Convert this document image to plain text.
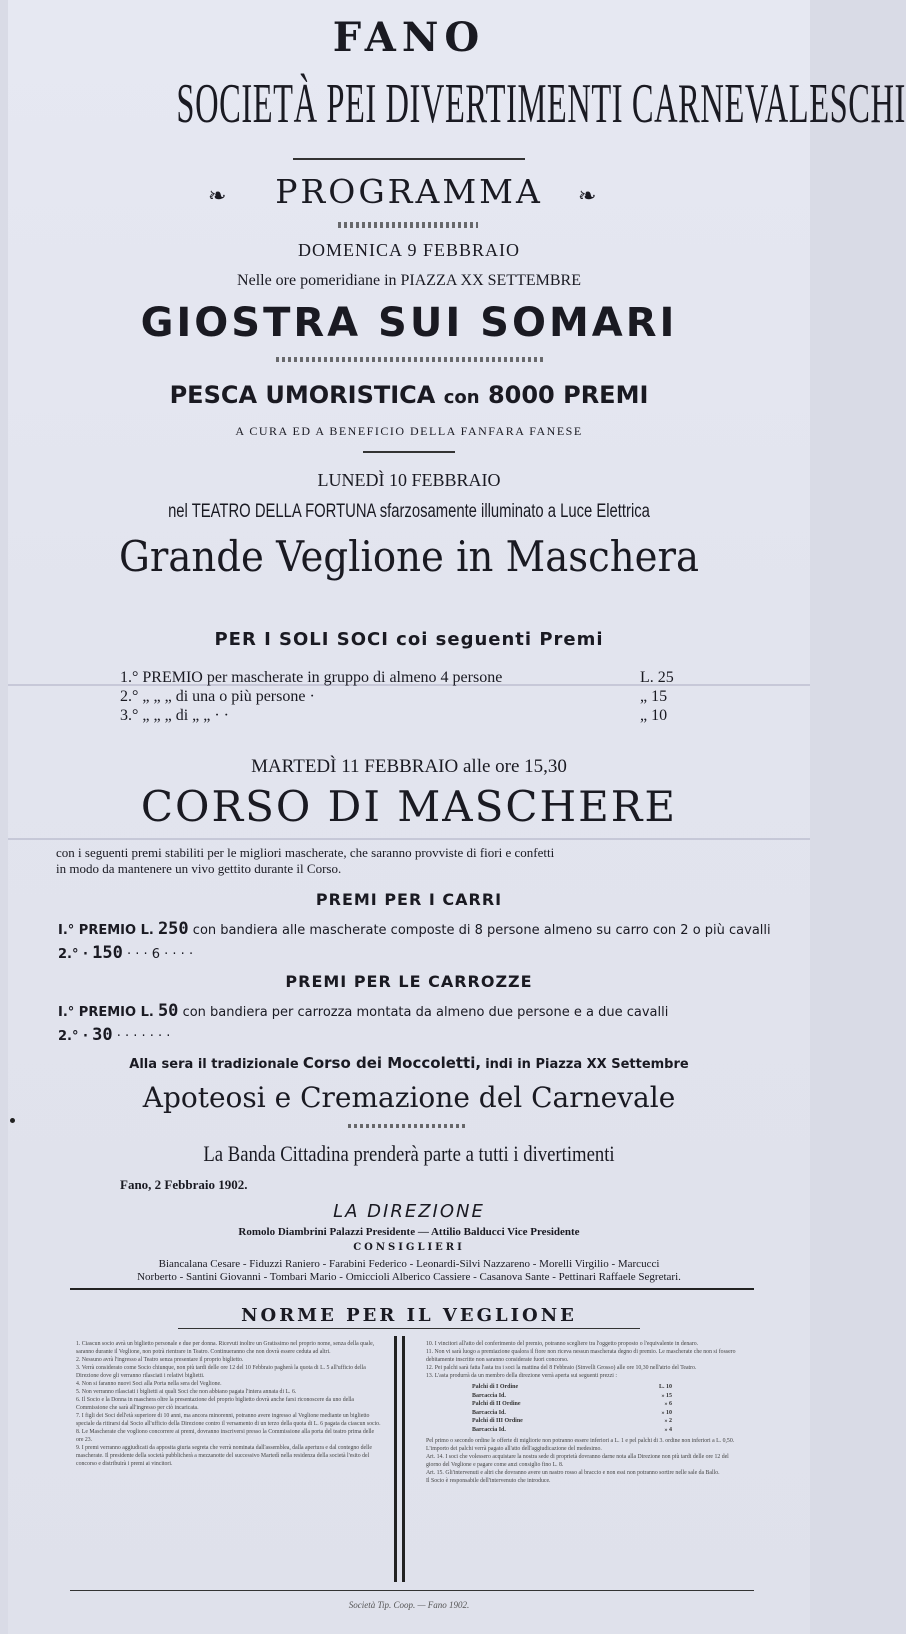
FANO
SOCIETÀ PEI DIVERTIMENTI CARNEVALESCHI
❧	PROGRAMMA	❧
DOMENICA 9 FEBBRAIO
Nelle ore pomeridiane in PIAZZA XX SETTEMBRE
GIOSTRA SUI SOMARI
PESCA UMORISTICA con 8000 PREMI
A CURA ED A BENEFICIO DELLA FANFARA FANESE
LUNEDÌ 10 FEBBRAIO
nel TEATRO DELLA FORTUNA sfarzosamente illuminato a Luce Elettrica
Grande Veglione in Maschera
PER I SOLI SOCI coi seguenti Premi
1.° PREMIO per mascherate in gruppo di almeno 4 persone	L. 25
2.° „ „ „ di una o più persone ·	„ 15
3.° „ „ „ di „ „ · ·	„ 10
MARTEDÌ 11 FEBBRAIO alle ore 15,30
CORSO DI MASCHERE
con i seguenti premi stabiliti per le migliori mascherate, che saranno provviste di fiori e confetti
in modo da mantenere un vivo gettito durante il Corso.
PREMI PER I CARRI
I.° PREMIO L. 250 con bandiera alle mascherate composte di 8 persone almeno su carro con 2 o più cavalli
2.° · 150 · · · 6 · · · ·
PREMI PER LE CARROZZE
I.° PREMIO L. 50 con bandiera per carrozza montata da almeno due persone e a due cavalli
2.° · 30 · · · · · · ·
Alla sera il tradizionale Corso dei Moccoletti, indi in Piazza XX Settembre
Apoteosi e Cremazione del Carnevale
La Banda Cittadina prenderà parte a tutti i divertimenti
Fano, 2 Febbraio 1902.
LA DIREZIONE
Romolo Diambrini Palazzi Presidente — Attilio Balducci Vice Presidente
CONSIGLIERI
Biancalana Cesare - Fiduzzi Raniero - Farabini Federico - Leonardi-Silvi Nazzareno - Morelli Virgilio - Marcucci
Norberto - Santini Giovanni - Tombari Mario - Omiccioli Alberico Cassiere - Casanova Sante - Pettinari Raffaele Segretari.
NORME PER IL VEGLIONE

1. Ciascun socio avrà un biglietto personale e due per donna. Ricevuti inoltre un Gratissimo nel proprio nome, senza della quale, saranno durante il Veglione, non potrà rientrare in Teatro. Continueranno che non dovrà essere ceduta ad altri.

2. Nessuno avrà l'ingresso al Teatro senza presentare il proprio biglietto.

3. Verrà considerato come Socio chiunque, non più tardi delle ore 12 del 10 Febbraio pagherà la quota di L. 5 all'ufficio della Direzione dove gli verranno rilasciati i relativi biglietti.

4. Non si faranno nuovi Soci alla Porta nella sera del Veglione.

5. Non verranno rilasciati i biglietti ai quali Soci che non abbiano pagata l'intera annata di L. 6.

6. Il Socio e la Donna in maschera oltre la presentazione del proprio biglietto dovrà anche farsi riconoscere da uno della Commissione che sarà all'ingresso per ciò incaricata.

7. I figli dei Soci dell'età superiore di 10 anni, ma ancora minorenni, potranno avere ingresso al Veglione mediante un biglietto speciale da ritirarsi dal Socio all'ufficio della Direzione contro il versamento di un terzo della quota di L. 6 pagata da ciascun socio.

8. Le Mascherate che vogliono concorrere ai premi, dovranno inscriversi presso la Commissione alla porta del teatro prima delle ore 23.

9. I premi verranno aggiudicati da apposita giuria segreta che verrà nominata dall'assemblea, dalla apertura e dal contegno delle mascherate. Il presidente della società pubblicherà a mezzanotte del successivo Martedì nella residenza della società l'esito del concorso e distribuirà i premi ai vincitori.

10. I vincitori all'atto del conferimento del premio, potranno scegliere tra l'oggetto proposto o l'equivalente in denaro.

11. Non vi sarà luogo a premiazione qualora il fiore non riceva nessun mascherata degno di premio. Le mascherate che non si fossero debitamente inscritte non saranno considerate fuori concorso.

12. Pei palchi sarà fatta l'asta tra i soci la mattina del 8 Febbraio (Sinvelli Grosso) alle ore 10,30 nell'atrio del Teatro.

13. L'asta produrrà da un membro della direzione verrà aperta sui seguenti prezzi :

Palchi di I Ordine	L. 10
Barcaccia Id.	» 15
Palchi di II Ordine	» 6
Barcaccia Id.	» 10
Palchi di III Ordine	» 2
Barcaccia Id.	» 4

Pel primo o secondo ordine le offerte di migliorie non potranno essere inferiori a L. 1 e pel palchi di 3. ordine non inferiori a L. 0,50.

L'importo dei palchi verrà pagato all'atto dell'aggiudicazione del medesimo.

Art. 14. I soci che volessero acquistare la nostra sede di proprietà dovranno darne nota alla Direzione non più tardi delle ore 12 del giorno del Veglione e pagare come anzi consiglio fino L. 8.

Art. 15. Gli'intervenuti e altri che dovranno avere un nastro rosso al braccio e non essi non potranno sortire nelle sale da Ballo.

Il Socio è responsabile dell'intervenuto che introduce.

Società Tip. Coop. — Fano 1902.
